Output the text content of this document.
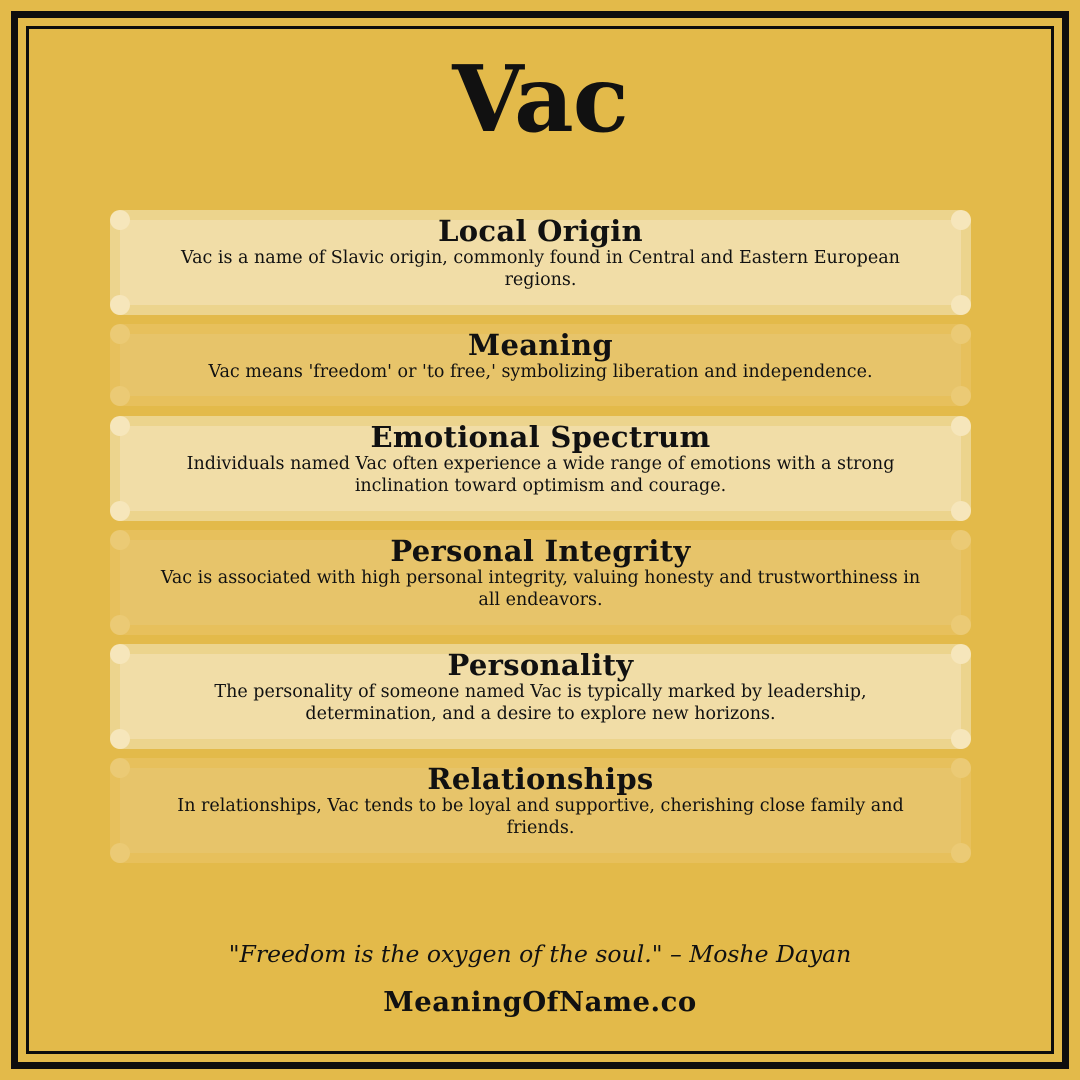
Vac
Local Origin
Vac is a name of Slavic origin, commonly found in Central and Eastern European regions.
Meaning
Vac means 'freedom' or 'to free,' symbolizing liberation and independence.
Emotional Spectrum
Individuals named Vac often experience a wide range of emotions with a strong inclination toward optimism and courage.
Personal Integrity
Vac is associated with high personal integrity, valuing honesty and trustworthiness in all endeavors.
Personality
The personality of someone named Vac is typically marked by leadership, determination, and a desire to explore new horizons.
Relationships
In relationships, Vac tends to be loyal and supportive, cherishing close family and friends.
"Freedom is the oxygen of the soul." – Moshe Dayan
MeaningOfName.co
